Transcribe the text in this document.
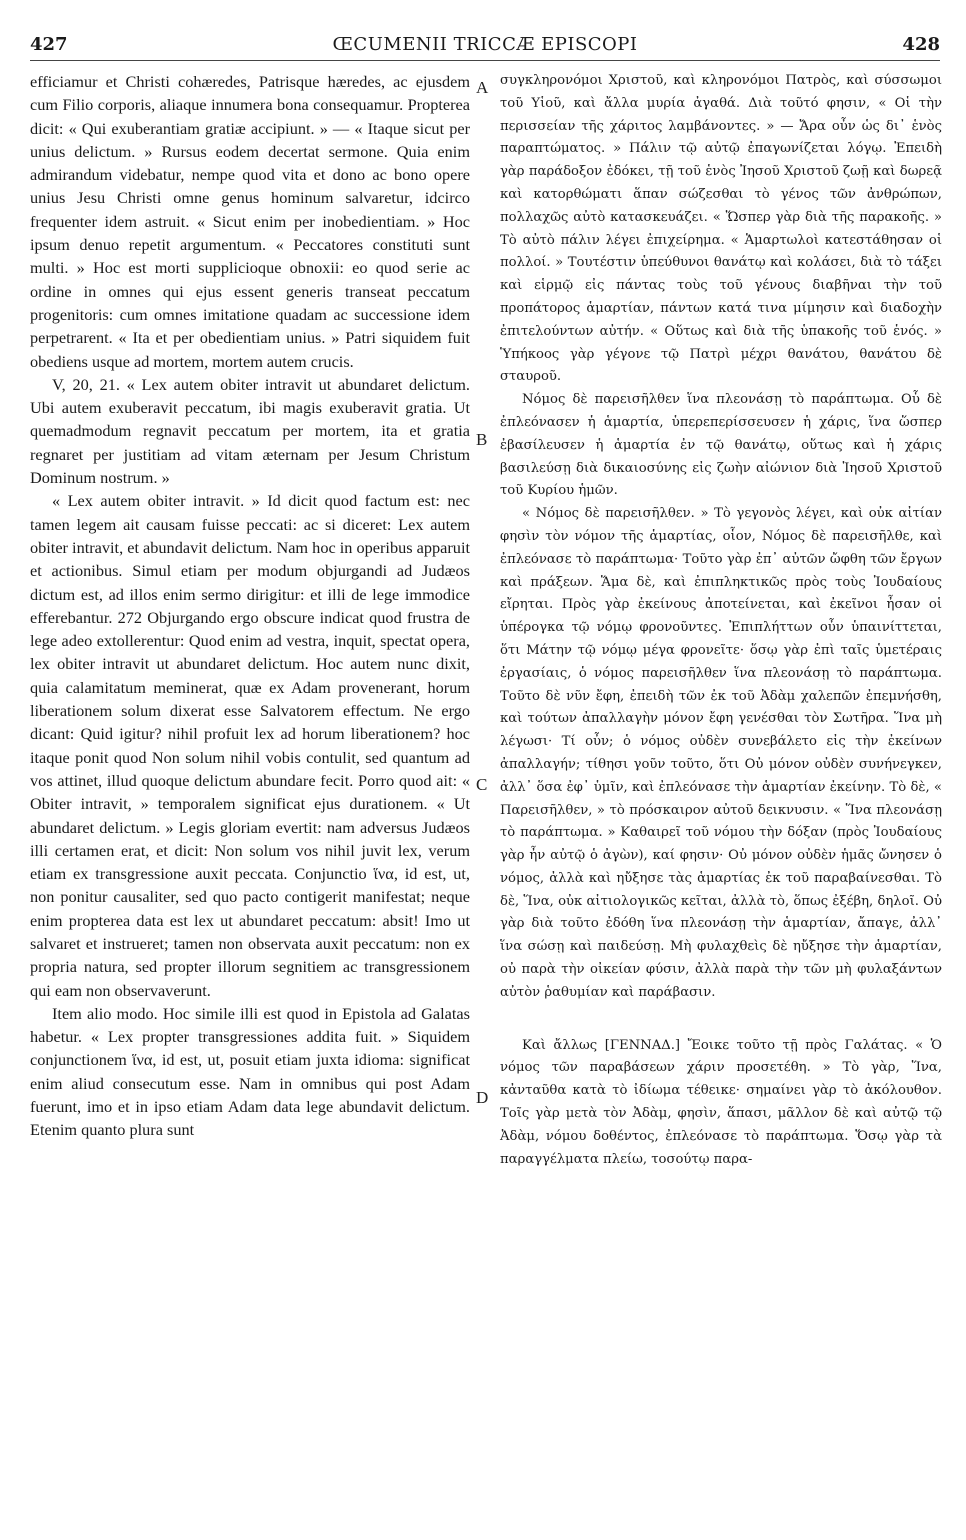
427	ŒCUMENII TRICCÆ EPISCOPI	428

efficiamur et Christi cohæredes, Patrisque hæredes, ac ejusdem cum Filio corporis, aliaque innumera bona consequamur. Propterea dicit: « Qui exuberantiam gratiæ accipiunt. » — « Itaque sicut per unius delictum. » Rursus eodem decertat sermone. Quia enim admirandum videbatur, nempe quod vita et dono ac bono opere unius Jesu Christi omne genus hominum salvaretur, idcirco frequenter idem astruit. « Sicut enim per inobedientiam. » Hoc ipsum denuo repetit argumentum. « Peccatores constituti sunt multi. » Hoc est morti supplicioque obnoxii: eo quod serie ac ordine in omnes qui ejus essent generis transeat peccatum progenitoris: cum omnes imitatione quadam ac successione idem perpetrarent. « Ita et per obedientiam unius. » Patri siquidem fuit obediens usque ad mortem, mortem autem crucis.

V, 20, 21. « Lex autem obiter intravit ut abundaret delictum. Ubi autem exuberavit peccatum, ibi magis exuberavit gratia. Ut quemadmodum regnavit peccatum per mortem, ita et gratia regnaret per justitiam ad vitam æternam per Jesum Christum Dominum nostrum. »

« Lex autem obiter intravit. » Id dicit quod factum est: nec tamen legem ait causam fuisse peccati: ac si diceret: Lex autem obiter intravit, et abundavit delictum. Nam hoc in operibus apparuit et actionibus. Simul etiam per modum objurgandi ad Judæos dictum est, ad illos enim sermo dirigitur: et illi de lege immodice efferebantur. 272 Objurgando ergo obscure indicat quod frustra de lege adeo extollerentur: Quod enim ad vestra, inquit, spectat opera, lex obiter intravit ut abundaret delictum. Hoc autem nunc dixit, quia calamitatum meminerat, quæ ex Adam provenerant, horum liberationem solum dixerat esse Salvatorem effectum. Ne ergo dicant: Quid igitur? nihil profuit lex ad horum liberationem? hoc itaque ponit quod Non solum nihil vobis contulit, sed quantum ad vos attinet, illud quoque delictum abundare fecit. Porro quod ait: « Obiter intravit, » temporalem significat ejus durationem. « Ut abundaret delictum. » Legis gloriam evertit: nam adversus Judæos illi certamen erat, et dicit: Non solum vos nihil juvit lex, verum etiam ex transgressione auxit peccata. Conjunctio ἵνα, id est, ut, non ponitur causaliter, sed quo pacto contigerit manifestat; neque enim propterea data est lex ut abundaret peccatum: absit! Imo ut salvaret et instrueret; tamen non observata auxit peccatum: non ex propria natura, sed propter illorum segnitiem ac transgressionem qui eam non observaverunt.

Item alio modo. Hoc simile illi est quod in Epistola ad Galatas habetur. « Lex propter transgressiones addita fuit. » Siquidem conjunctionem ἵνα, id est, ut, posuit etiam juxta idioma: significat enim aliud consecutum esse. Nam in omnibus qui post Adam fuerunt, imo et in ipso etiam Adam data lege abundavit delictum. Etenim quanto plura sunt

συγκληρονόμοι Χριστοῦ, καὶ κληρονόμοι Πατρὸς, καὶ σύσσωμοι τοῦ Υἱοῦ, καὶ ἄλλα μυρία ἀγαθά. Διὰ τοῦτό φησιν, « Οἱ τὴν περισσείαν τῆς χάριτος λαμβάνοντες. » — Ἄρα οὖν ὡς δι᾽ ἑνὸς παραπτώματος. » Πάλιν τῷ αὐτῷ ἐπαγωνίζεται λόγῳ. Ἐπειδὴ γὰρ παράδοξον ἐδόκει, τῇ τοῦ ἑνὸς Ἰησοῦ Χριστοῦ ζωῇ καὶ δωρεᾷ καὶ κατορθώματι ἅπαν σώζεσθαι τὸ γένος τῶν ἀνθρώπων, πολλαχῶς αὐτὸ κατασκευάζει. « Ὥσπερ γὰρ διὰ τῆς παρακοῆς. » Τὸ αὐτὸ πάλιν λέγει ἐπιχείρημα. « Ἁμαρτωλοὶ κατεστάθησαν οἱ πολλοί. » Τουτέστιν ὑπεύθυνοι θανάτῳ καὶ κολάσει, διὰ τὸ τάξει καὶ εἱρμῷ εἰς πάντας τοὺς τοῦ γένους διαβῆναι τὴν τοῦ προπάτορος ἁμαρτίαν, πάντων κατά τινα μίμησιν καὶ διαδοχὴν ἐπιτελούντων αὐτήν. « Οὕτως καὶ διὰ τῆς ὑπακοῆς τοῦ ἑνός. » Ὑπήκοος γὰρ γέγονε τῷ Πατρὶ μέχρι θανάτου, θανάτου δὲ σταυροῦ.

Νόμος δὲ παρεισῆλθεν ἵνα πλεονάσῃ τὸ παράπτωμα. Οὗ δὲ ἐπλεόνασεν ἡ ἁμαρτία, ὑπερεπερίσσευσεν ἡ χάρις, ἵνα ὥσπερ ἐβασίλευσεν ἡ ἁμαρτία ἐν τῷ θανάτῳ, οὕτως καὶ ἡ χάρις βασιλεύσῃ διὰ δικαιοσύνης εἰς ζωὴν αἰώνιον διὰ Ἰησοῦ Χριστοῦ τοῦ Κυρίου ἡμῶν.

« Νόμος δὲ παρεισῆλθεν. » Τὸ γεγονὸς λέγει, καὶ οὐκ αἰτίαν φησὶν τὸν νόμον τῆς ἁμαρτίας, οἷον, Νόμος δὲ παρεισῆλθε, καὶ ἐπλεόνασε τὸ παράπτωμα· Τοῦτο γὰρ ἐπ᾽ αὐτῶν ὤφθη τῶν ἔργων καὶ πράξεων. Ἅμα δὲ, καὶ ἐπιπληκτικῶς πρὸς τοὺς Ἰουδαίους εἴρηται. Πρὸς γὰρ ἐκείνους ἀποτείνεται, καὶ ἐκεῖνοι ἦσαν οἱ ὑπέρογκα τῷ νόμῳ φρονοῦντες. Ἐπιπλήττων οὖν ὑπαινίττεται, ὅτι Μάτην τῷ νόμῳ μέγα φρονεῖτε· ὅσῳ γὰρ ἐπὶ ταῖς ὑμετέραις ἐργασίαις, ὁ νόμος παρεισῆλθεν ἵνα πλεονάσῃ τὸ παράπτωμα. Τοῦτο δὲ νῦν ἔφη, ἐπειδὴ τῶν ἐκ τοῦ Ἀδὰμ χαλεπῶν ἐπεμνήσθη, καὶ τούτων ἀπαλλαγὴν μόνον ἔφη γενέσθαι τὸν Σωτῆρα. Ἵνα μὴ λέγωσι· Τί οὖν; ὁ νόμος οὐδὲν συνεβάλετο εἰς τὴν ἐκείνων ἀπαλλαγήν; τίθησι γοῦν τοῦτο, ὅτι Οὐ μόνον οὐδὲν συνήνεγκεν, ἀλλ᾽ ὅσα ἐφ᾽ ὑμῖν, καὶ ἐπλεόνασε τὴν ἁμαρτίαν ἐκείνην. Τὸ δὲ, « Παρεισῆλθεν, » τὸ πρόσκαιρον αὐτοῦ δεικνυσιν. « Ἵνα πλεονάσῃ τὸ παράπτωμα. » Καθαιρεῖ τοῦ νόμου τὴν δόξαν (πρὸς Ἰουδαίους γὰρ ἦν αὐτῷ ὁ ἀγὼν), καί φησιν· Οὐ μόνον οὐδὲν ἡμᾶς ὤνησεν ὁ νόμος, ἀλλὰ καὶ ηὔξησε τὰς ἁμαρτίας ἐκ τοῦ παραβαίνεσθαι. Τὸ δὲ, Ἵνα, οὐκ αἰτιολογικῶς κεῖται, ἀλλὰ τὸ, ὅπως ἐξέβη, δηλοῖ. Οὐ γὰρ διὰ τοῦτο ἐδόθη ἵνα πλεονάσῃ τὴν ἁμαρτίαν, ἄπαγε, ἀλλ᾽ ἵνα σώσῃ καὶ παιδεύσῃ. Μὴ φυλαχθεὶς δὲ ηὔξησε τὴν ἁμαρτίαν, οὐ παρὰ τὴν οἰκείαν φύσιν, ἀλλὰ παρὰ τὴν τῶν μὴ φυλαξάντων αὐτὸν ῥαθυμίαν καὶ παράβασιν.

Καὶ ἄλλως [ΓΕΝΝΑΔ.] Ἔοικε τοῦτο τῇ πρὸς Γαλάτας. « Ὁ νόμος τῶν παραβάσεων χάριν προσετέθη. » Τὸ γὰρ, Ἵνα, κἀνταῦθα κατὰ τὸ ἰδίωμα τέθεικε· σημαίνει γὰρ τὸ ἀκόλουθον. Τοῖς γὰρ μετὰ τὸν Ἀδὰμ, φησὶν, ἅπασι, μᾶλλον δὲ καὶ αὐτῷ τῷ Ἀδὰμ, νόμου δοθέντος, ἐπλεόνασε τὸ παράπτωμα. Ὅσῳ γὰρ τὰ παραγγέλματα πλείω, τοσούτῳ παρα-

A
B
C
D
